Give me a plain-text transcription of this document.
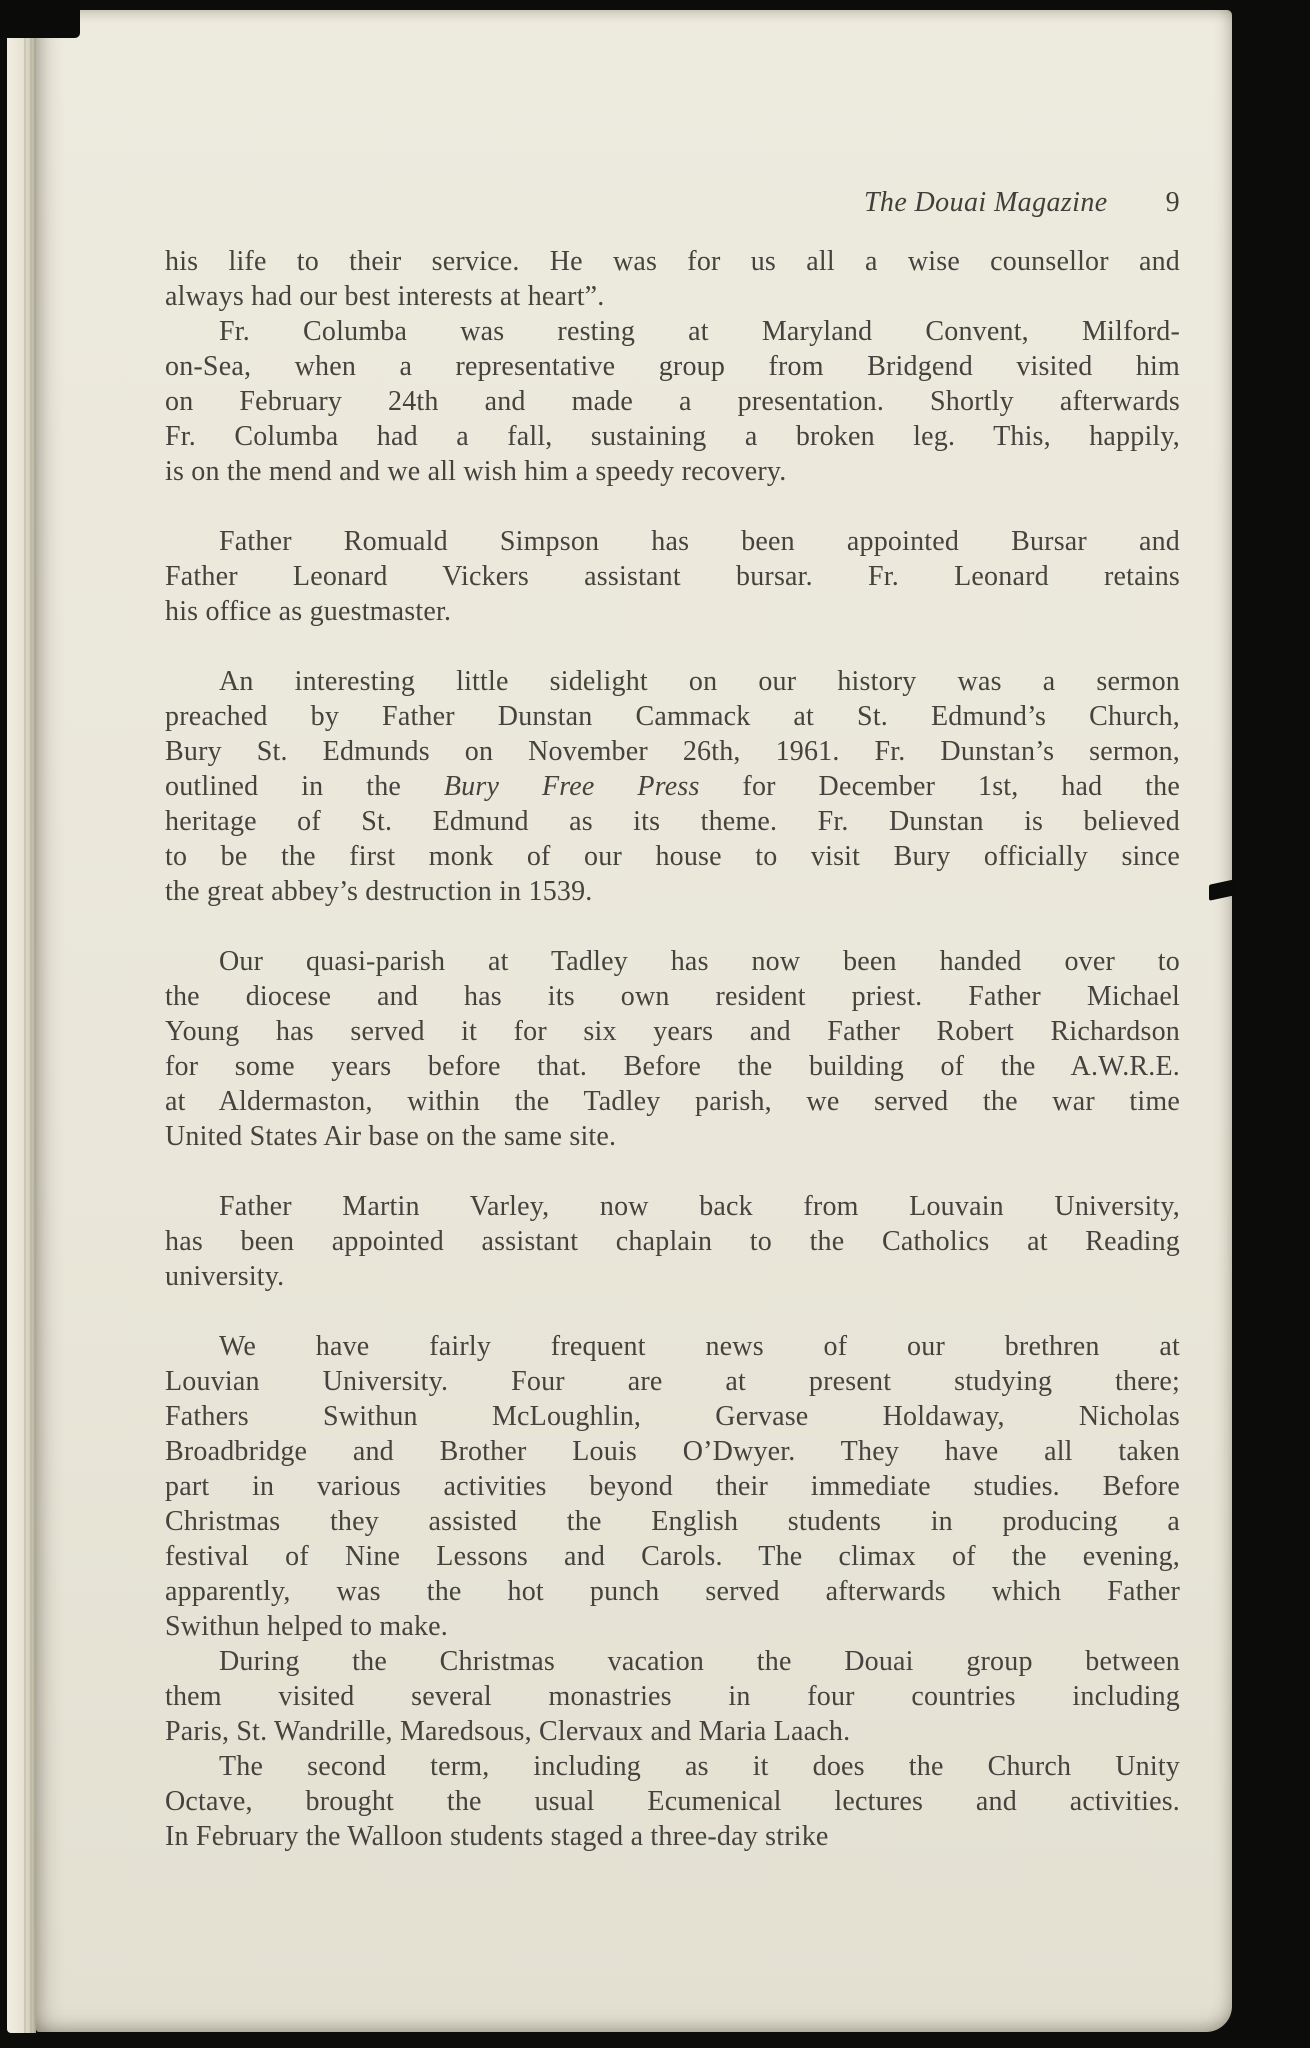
The Douai Magazine 9
his life to their service. He was for us all a wise counsellor and
always had our best interests at heart”.
Fr. Columba was resting at Maryland Convent, Milford-
on-Sea, when a representative group from Bridgend visited him
on February 24th and made a presentation. Shortly afterwards
Fr. Columba had a fall, sustaining a broken leg. This, happily,
is on the mend and we all wish him a speedy recovery.
Father Romuald Simpson has been appointed Bursar and
Father Leonard Vickers assistant bursar. Fr. Leonard retains
his office as guestmaster.
An interesting little sidelight on our history was a sermon
preached by Father Dunstan Cammack at St. Edmund’s Church,
Bury St. Edmunds on November 26th, 1961. Fr. Dunstan’s sermon,
outlined in the Bury Free Press for December 1st, had the
heritage of St. Edmund as its theme. Fr. Dunstan is believed
to be the first monk of our house to visit Bury officially since
the great abbey’s destruction in 1539.
Our quasi-parish at Tadley has now been handed over to
the diocese and has its own resident priest. Father Michael
Young has served it for six years and Father Robert Richardson
for some years before that. Before the building of the A.W.R.E.
at Aldermaston, within the Tadley parish, we served the war time
United States Air base on the same site.
Father Martin Varley, now back from Louvain University,
has been appointed assistant chaplain to the Catholics at Reading
university.
We have fairly frequent news of our brethren at
Louvian University. Four are at present studying there;
Fathers Swithun McLoughlin, Gervase Holdaway, Nicholas
Broadbridge and Brother Louis O’Dwyer. They have all taken
part in various activities beyond their immediate studies. Before
Christmas they assisted the English students in producing a
festival of Nine Lessons and Carols. The climax of the evening,
apparently, was the hot punch served afterwards which Father
Swithun helped to make.
During the Christmas vacation the Douai group between
them visited several monastries in four countries including
Paris, St. Wandrille, Maredsous, Clervaux and Maria Laach.
The second term, including as it does the Church Unity
Octave, brought the usual Ecumenical lectures and activities.
In February the Walloon students staged a three-day strike
